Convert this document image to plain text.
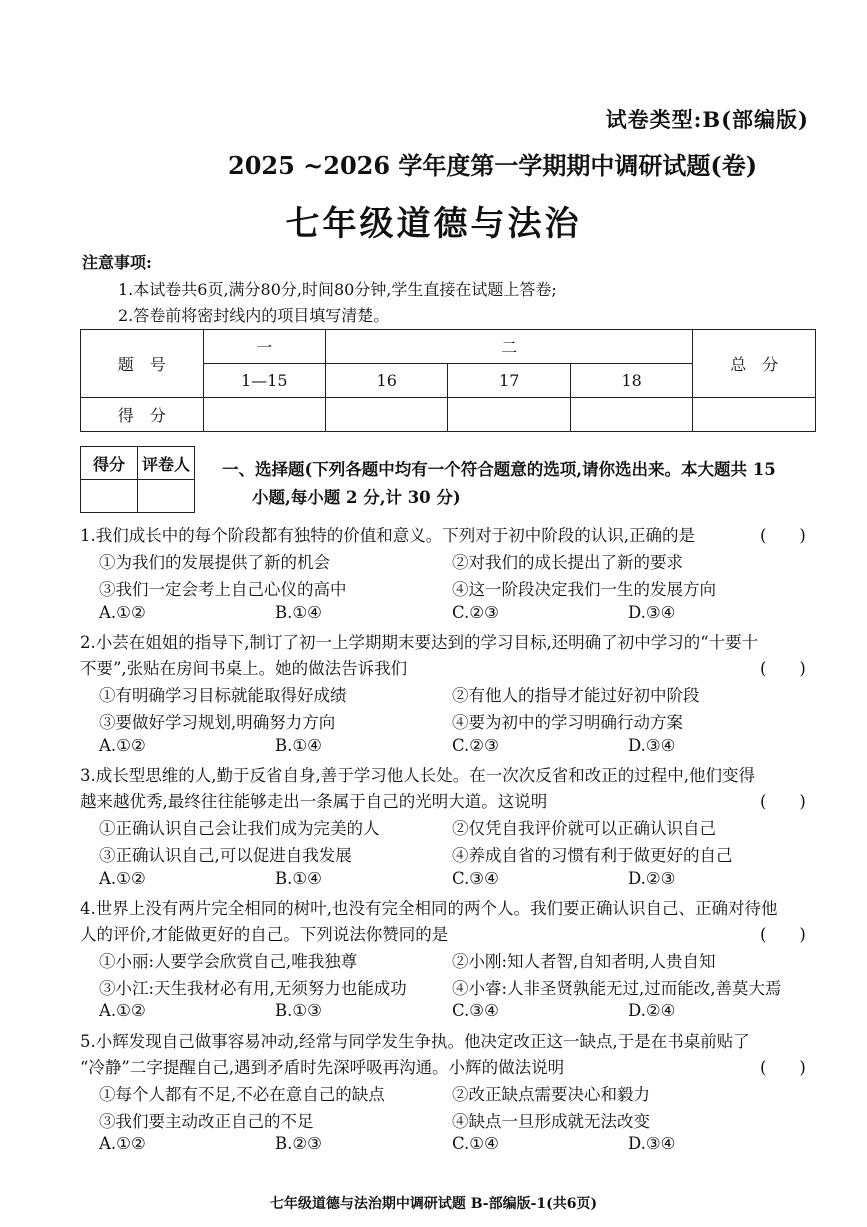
试卷类型:B(部编版)
2025 ~2026 学年度第一学期期中调研试题(卷)
七年级道德与法治
注意事项:
1.本试卷共6页,满分80分,时间80分钟,学生直接在试题上答卷;
2.答卷前将密封线内的项目填写清楚。
题　号	一	二			总　分
	1—15	16	17	18	
得　分					
得分	评卷人
	一、选择题(下列各题中均有一个符合题意的选项,请你选出来。本大题共 15
小题,每小题 2 分,计 30 分)
1.我们成长中的每个阶段都有独特的价值和意义。下列对于初中阶段的认识,正确的是	(　　)
①为我们的发展提供了新的机会	②对我们的成长提出了新的要求
③我们一定会考上自己心仪的高中	④这一阶段决定我们一生的发展方向
A.①②	B.①④	C.②③	D.③④
2.小芸在姐姐的指导下,制订了初一上学期期末要达到的学习目标,还明确了初中学习的“十要十
不要”,张贴在房间书桌上。她的做法告诉我们	(　　)
①有明确学习目标就能取得好成绩	②有他人的指导才能过好初中阶段
③要做好学习规划,明确努力方向	④要为初中的学习明确行动方案
A.①②	B.①④	C.②③	D.③④
3.成长型思维的人,勤于反省自身,善于学习他人长处。在一次次反省和改正的过程中,他们变得
越来越优秀,最终往往能够走出一条属于自己的光明大道。这说明	(　　)
①正确认识自己会让我们成为完美的人	②仅凭自我评价就可以正确认识自己
③正确认识自己,可以促进自我发展	④养成自省的习惯有利于做更好的自己
A.①②	B.①④	C.③④	D.②③
4.世界上没有两片完全相同的树叶,也没有完全相同的两个人。我们要正确认识自己、正确对待他
人的评价,才能做更好的自己。下列说法你赞同的是	(　　)
①小丽:人要学会欣赏自己,唯我独尊	②小刚:知人者智,自知者明,人贵自知
③小江:天生我材必有用,无须努力也能成功	④小睿:人非圣贤孰能无过,过而能改,善莫大焉
A.①②	B.①③	C.③④	D.②④
5.小辉发现自己做事容易冲动,经常与同学发生争执。他决定改正这一缺点,于是在书桌前贴了
“冷静”二字提醒自己,遇到矛盾时先深呼吸再沟通。小辉的做法说明	(　　)
①每个人都有不足,不必在意自己的缺点	②改正缺点需要决心和毅力
③我们要主动改正自己的不足	④缺点一旦形成就无法改变
A.①②	B.②③	C.①④	D.③④
七年级道德与法治期中调研试题 B-部编版-1(共6页)
